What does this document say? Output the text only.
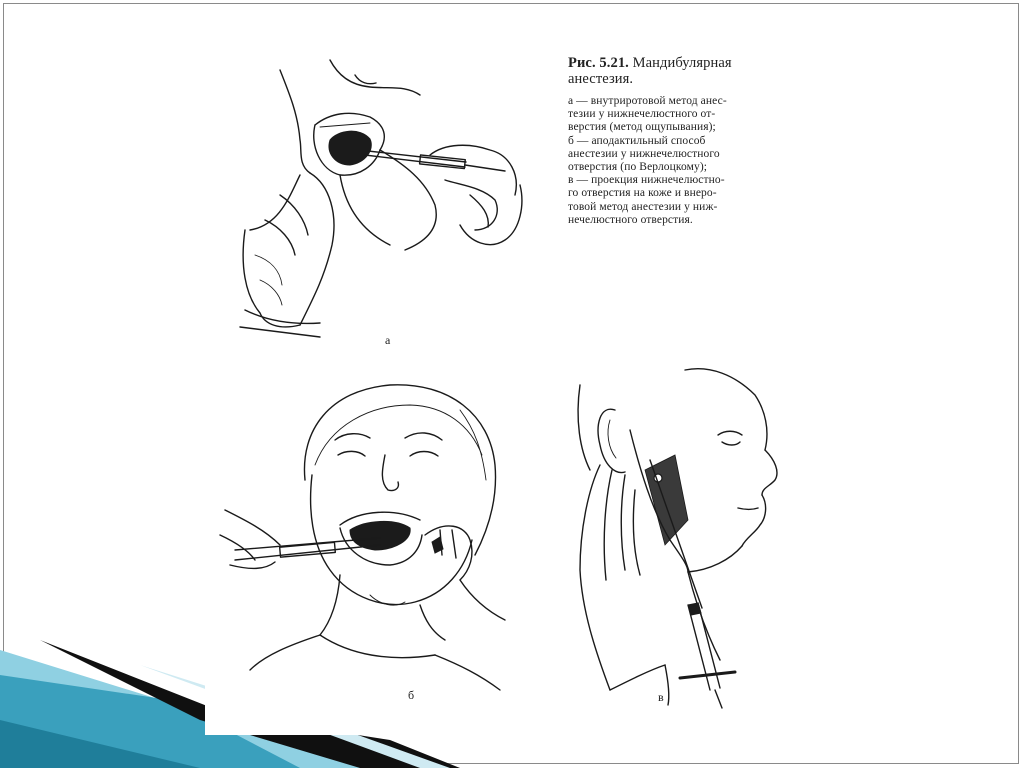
Рис. 5.21. Мандибулярная анестезия.

а — внутриротовой метод анес-
тезии у нижнечелюстного от-
верстия (метод ощупывания);
б — аподактильный способ
анестезии у нижнечелюстного
отверстия (по Верлоцкому);
в — проекция нижнечелюстно-
го отверстия на коже и внеро-
товой метод анестезии у ниж-
нечелюстного отверстия.

а
б	в
